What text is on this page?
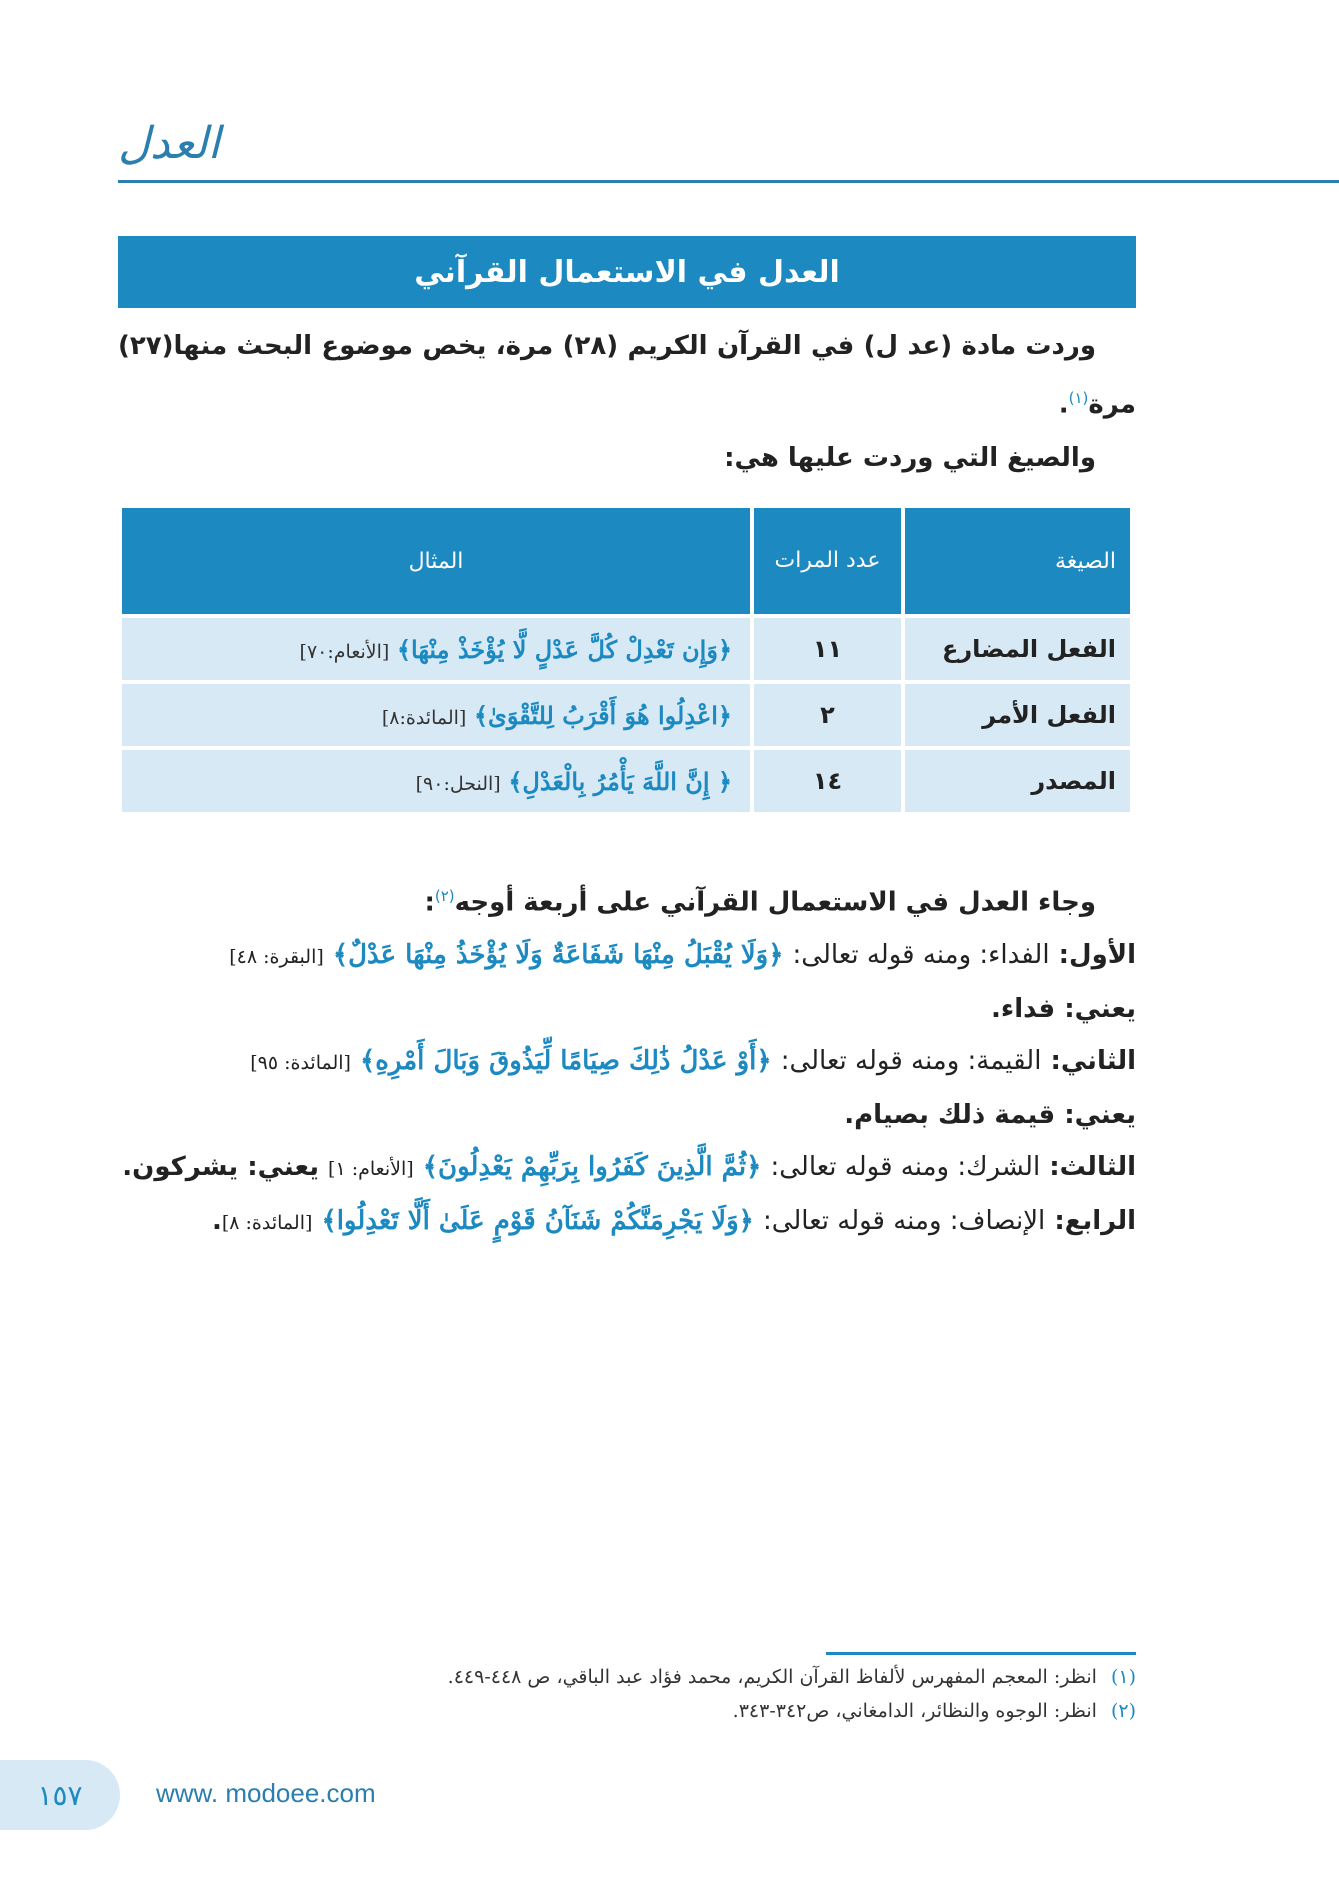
العدل
العدل في الاستعمال القرآني
وردت مادة (عد ل) في القرآن الكريم (٢٨) مرة، يخص موضوع البحث منها(٢٧) مرة$^{(١)}$.
والصيغ التي وردت عليها هي:
الصيغة	عدد المرات	المثال
الفعل المضارع	١١	﴿وَإِن تَعْدِلْ كُلَّ عَدْلٍ لَّا يُؤْخَذْ مِنْهَا﴾ [الأنعام:٧٠]
الفعل الأمر	٢	﴿اعْدِلُوا هُوَ أَقْرَبُ لِلتَّقْوَىٰ﴾ [المائدة:٨]
المصدر	١٤	﴿ إِنَّ اللَّهَ يَأْمُرُ بِالْعَدْلِ﴾ [النحل:٩٠]

وجاء العدل في الاستعمال القرآني على أربعة أوجه$^{(٢)}$:

الأول: الفداء: ومنه قوله تعالى: ﴿وَلَا يُقْبَلُ مِنْهَا شَفَاعَةٌ وَلَا يُؤْخَذُ مِنْهَا عَدْلٌ﴾ [البقرة: ٤٨]

يعني: فداء.

الثاني: القيمة: ومنه قوله تعالى: ﴿أَوْ عَدْلُ ذَٰلِكَ صِيَامًا لِّيَذُوقَ وَبَالَ أَمْرِهِ﴾ [المائدة: ٩٥]

يعني: قيمة ذلك بصيام.

الثالث: الشرك: ومنه قوله تعالى: ﴿ثُمَّ الَّذِينَ كَفَرُوا بِرَبِّهِمْ يَعْدِلُونَ﴾ [الأنعام: ١] يعني: يشركون.

الرابع: الإنصاف: ومنه قوله تعالى: ﴿وَلَا يَجْرِمَنَّكُمْ شَنَآنُ قَوْمٍ عَلَىٰ أَلَّا تَعْدِلُوا﴾ [المائدة: ٨].

(١) انظر: المعجم المفهرس لألفاظ القرآن الكريم، محمد فؤاد عبد الباقي، ص ٤٤٨-٤٤٩.

(٢) انظر: الوجوه والنظائر، الدامغاني، ص٣٤٢-٣٤٣.

١٥٧	www. modoee.com
